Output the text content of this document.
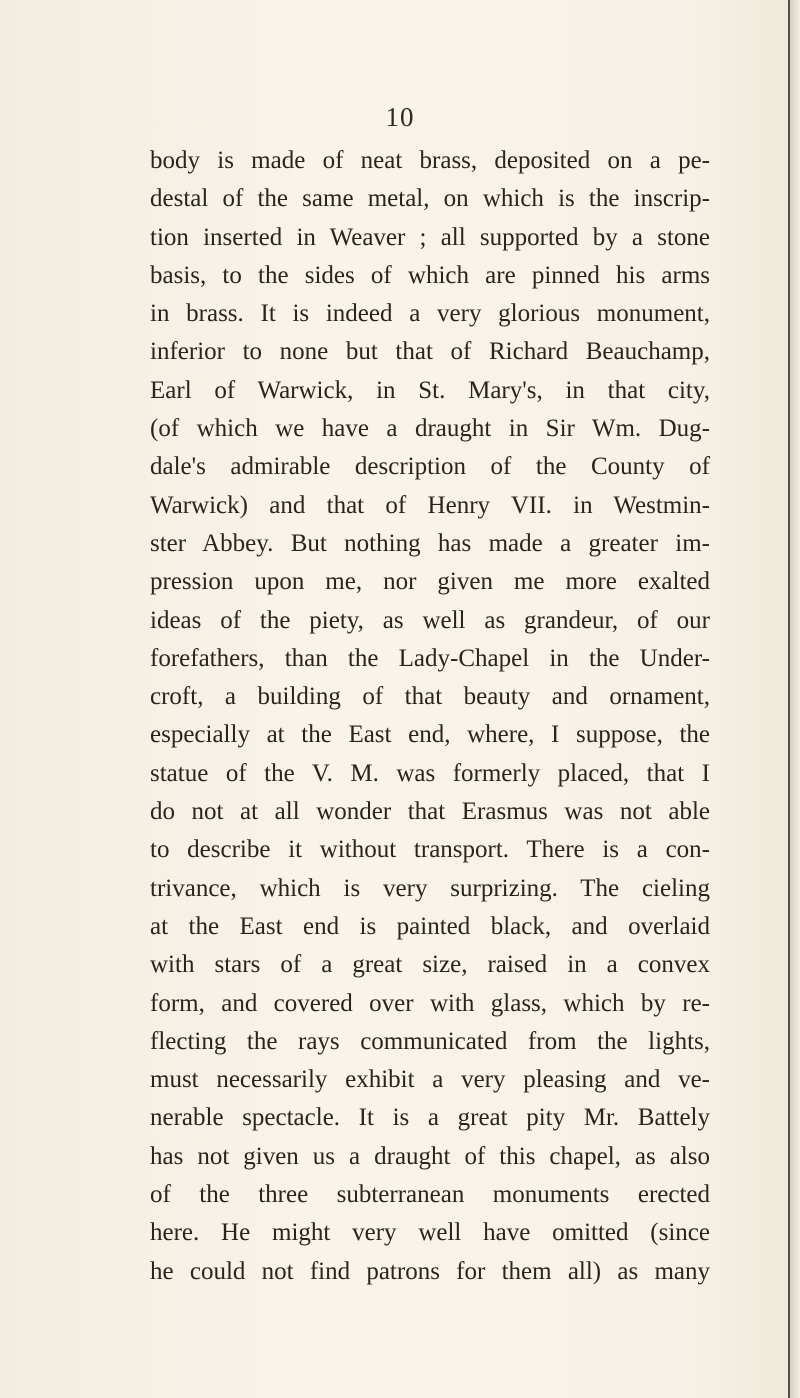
10
body is made of neat brass, deposited on a pe-
destal of the same metal, on which is the inscrip-
tion inserted in Weaver ; all supported by a stone
basis, to the sides of which are pinned his arms
in brass. It is indeed a very glorious monument,
inferior to none but that of Richard Beauchamp,
Earl of Warwick, in St. Mary's, in that city,
(of which we have a draught in Sir Wm. Dug-
dale's admirable description of the County of
Warwick) and that of Henry VII. in Westmin-
ster Abbey. But nothing has made a greater im-
pression upon me, nor given me more exalted
ideas of the piety, as well as grandeur, of our
forefathers, than the Lady-Chapel in the Under-
croft, a building of that beauty and ornament,
especially at the East end, where, I suppose, the
statue of the V. M. was formerly placed, that I
do not at all wonder that Erasmus was not able
to describe it without transport. There is a con-
trivance, which is very surprizing. The cieling
at the East end is painted black, and overlaid
with stars of a great size, raised in a convex
form, and covered over with glass, which by re-
flecting the rays communicated from the lights,
must necessarily exhibit a very pleasing and ve-
nerable spectacle. It is a great pity Mr. Battely
has not given us a draught of this chapel, as also
of the three subterranean monuments erected
here. He might very well have omitted (since
he could not find patrons for them all) as many
